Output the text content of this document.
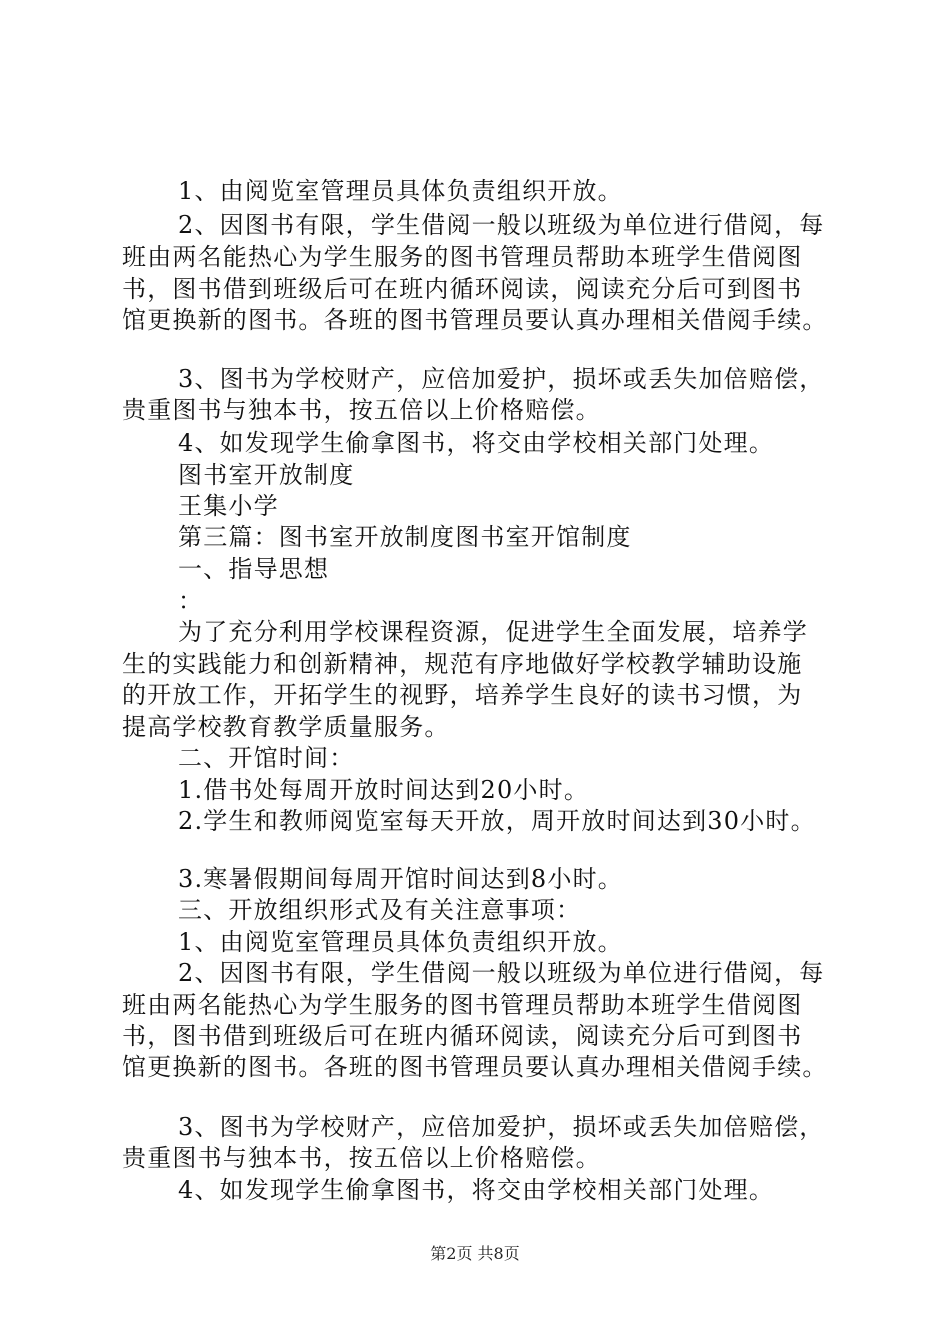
1、由阅览室管理员具体负责组织开放。
2、因图书有限，学生借阅一般以班级为单位进行借阅，每
班由两名能热心为学生服务的图书管理员帮助本班学生借阅图
书，图书借到班级后可在班内循环阅读，阅读充分后可到图书
馆更换新的图书。各班的图书管理员要认真办理相关借阅手续。
3、图书为学校财产，应倍加爱护，损坏或丢失加倍赔偿，
贵重图书与独本书，按五倍以上价格赔偿。
4、如发现学生偷拿图书，将交由学校相关部门处理。
图书室开放制度
王集小学
第三篇：图书室开放制度图书室开馆制度
一、指导思想
：
为了充分利用学校课程资源，促进学生全面发展，培养学
生的实践能力和创新精神，规范有序地做好学校教学辅助设施
的开放工作，开拓学生的视野，培养学生良好的读书习惯，为
提高学校教育教学质量服务。
二、开馆时间：
1.借书处每周开放时间达到20小时。
2.学生和教师阅览室每天开放，周开放时间达到30小时。
3.寒暑假期间每周开馆时间达到8小时。
三、开放组织形式及有关注意事项：
1、由阅览室管理员具体负责组织开放。
2、因图书有限，学生借阅一般以班级为单位进行借阅，每
班由两名能热心为学生服务的图书管理员帮助本班学生借阅图
书，图书借到班级后可在班内循环阅读，阅读充分后可到图书
馆更换新的图书。各班的图书管理员要认真办理相关借阅手续。
3、图书为学校财产，应倍加爱护，损坏或丢失加倍赔偿，
贵重图书与独本书，按五倍以上价格赔偿。
4、如发现学生偷拿图书，将交由学校相关部门处理。
第2页 共8页
